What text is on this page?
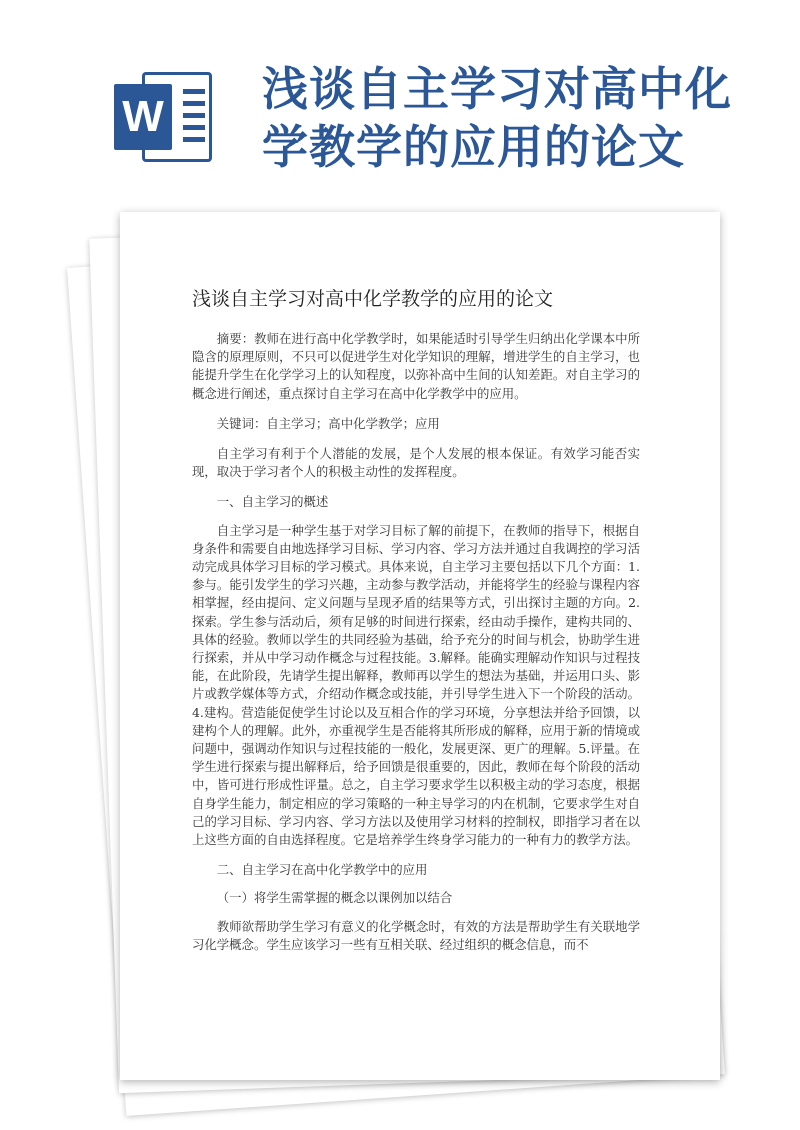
W
浅谈自主学习对高中化学教学的应用的论文
浅谈自主学习对高中化学教学的应用的论文

摘要：教师在进行高中化学教学时，如果能适时引导学生归纳出化学课本中所隐含的原理原则，不只可以促进学生对化学知识的理解，增进学生的自主学习，也能提升学生在化学学习上的认知程度，以弥补高中生间的认知差距。对自主学习的概念进行阐述，重点探讨自主学习在高中化学教学中的应用。

关键词：自主学习；高中化学教学；应用

自主学习有利于个人潜能的发展，是个人发展的根本保证。有效学习能否实现，取决于学习者个人的积极主动性的发挥程度。

一、自主学习的概述

自主学习是一种学生基于对学习目标了解的前提下，在教师的指导下，根据自身条件和需要自由地选择学习目标、学习内容、学习方法并通过自我调控的学习活动完成具体学习目标的学习模式。具体来说，自主学习主要包括以下几个方面：1.参与。能引发学生的学习兴趣，主动参与教学活动，并能将学生的经验与课程内容相掌握，经由提问、定义问题与呈现矛盾的结果等方式，引出探讨主题的方向。2.探索。学生参与活动后，须有足够的时间进行探索，经由动手操作，建构共同的、具体的经验。教师以学生的共同经验为基础，给予充分的时间与机会，协助学生进行探索，并从中学习动作概念与过程技能。3.解释。能确实理解动作知识与过程技能，在此阶段，先请学生提出解释，教师再以学生的想法为基础，并运用口头、影片或教学媒体等方式，介绍动作概念或技能，并引导学生进入下一个阶段的活动。4.建构。营造能促使学生讨论以及互相合作的学习环境，分享想法并给予回馈，以建构个人的理解。此外，亦重视学生是否能将其所形成的解释，应用于新的情境或问题中，强调动作知识与过程技能的一般化，发展更深、更广的理解。5.评量。在学生进行探索与提出解释后，给予回馈是很重要的，因此，教师在每个阶段的活动中，皆可进行形成性评量。总之，自主学习要求学生以积极主动的学习态度，根据自身学生能力，制定相应的学习策略的一种主导学习的内在机制，它要求学生对自己的学习目标、学习内容、学习方法以及使用学习材料的控制权，即指学习者在以上这些方面的自由选择程度。它是培养学生终身学习能力的一种有力的教学方法。

二、自主学习在高中化学教学中的应用

（一）将学生需掌握的概念以课例加以结合

教师欲帮助学生学习有意义的化学概念时，有效的方法是帮助学生有关联地学习化学概念。学生应该学习一些有互相关联、经过组织的概念信息，而不
